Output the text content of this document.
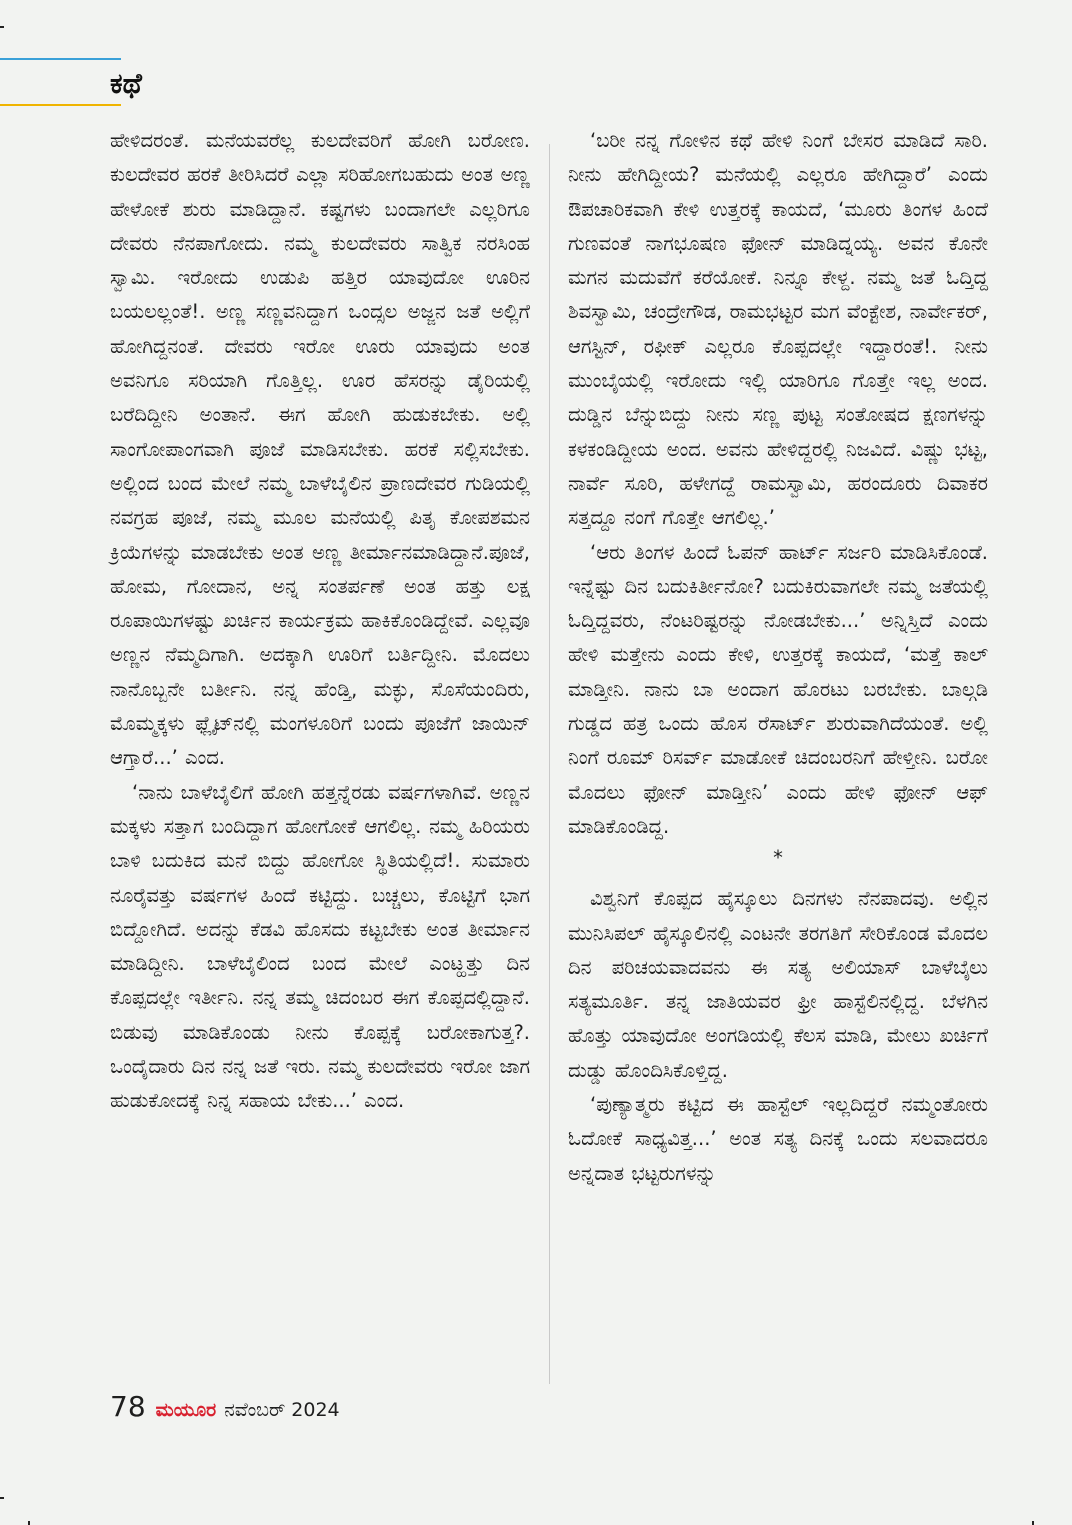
ಕಥೆ

ಹೇಳಿದರಂತೆ. ಮನೆಯವರೆಲ್ಲ ಕುಲದೇವರಿಗೆ ಹೋಗಿ ಬರೋಣ. ಕುಲದೇವರ ಹರಕೆ ತೀರಿಸಿದರೆ ಎಲ್ಲಾ ಸರಿಹೋಗಬಹುದು ಅಂತ ಅಣ್ಣ ಹೇಳೋಕೆ ಶುರು ಮಾಡಿದ್ದಾನೆ. ಕಷ್ಟಗಳು ಬಂದಾಗಲೇ ಎಲ್ಲರಿಗೂ ದೇವರು ನೆನಪಾಗೋದು. ನಮ್ಮ ಕುಲದೇವರು ಸಾತ್ವಿಕ ನರಸಿಂಹ ಸ್ವಾಮಿ. ಇರೋದು ಉಡುಪಿ ಹತ್ತಿರ ಯಾವುದೋ ಊರಿನ ಬಯಲಲ್ಲಂತೆ!. ಅಣ್ಣ ಸಣ್ಣವನಿದ್ದಾಗ ಒಂದ್ಸಲ ಅಜ್ಜನ ಜತೆ ಅಲ್ಲಿಗೆ ಹೋಗಿದ್ದನಂತೆ. ದೇವರು ಇರೋ ಊರು ಯಾವುದು ಅಂತ ಅವನಿಗೂ ಸರಿಯಾಗಿ ಗೊತ್ತಿಲ್ಲ. ಊರ ಹೆಸರನ್ನು ಡೈರಿಯಲ್ಲಿ ಬರೆದಿದ್ದೀನಿ ಅಂತಾನೆ. ಈಗ ಹೋಗಿ ಹುಡುಕಬೇಕು. ಅಲ್ಲಿ ಸಾಂಗೋಪಾಂಗವಾಗಿ ಪೂಜೆ ಮಾಡಿಸಬೇಕು. ಹರಕೆ ಸಲ್ಲಿಸಬೇಕು. ಅಲ್ಲಿಂದ ಬಂದ ಮೇಲೆ ನಮ್ಮ ಬಾಳೆಬೈಲಿನ ಪ್ರಾಣದೇವರ ಗುಡಿಯಲ್ಲಿ ನವಗ್ರಹ ಪೂಜೆ, ನಮ್ಮ ಮೂಲ ಮನೆಯಲ್ಲಿ ಪಿತೃ ಕೋಪಶಮನ ಕ್ರಿಯೆಗಳನ್ನು ಮಾಡಬೇಕು ಅಂತ ಅಣ್ಣ ತೀರ್ಮಾನಮಾಡಿದ್ದಾನೆ.ಪೂಜೆ, ಹೋಮ, ಗೋದಾನ, ಅನ್ನ ಸಂತರ್ಪಣೆ ಅಂತ ಹತ್ತು ಲಕ್ಷ ರೂಪಾಯಿಗಳಷ್ಟು ಖರ್ಚಿನ ಕಾರ್ಯಕ್ರಮ ಹಾಕಿಕೊಂಡಿದ್ದೇವೆ. ಎಲ್ಲವೂ ಅಣ್ಣನ ನೆಮ್ಮದಿಗಾಗಿ. ಅದಕ್ಕಾಗಿ ಊರಿಗೆ ಬರ್ತಿದ್ದೀನಿ. ಮೊದಲು ನಾನೊಬ್ಬನೇ ಬರ್ತೀನಿ. ನನ್ನ ಹೆಂಡ್ತಿ, ಮಕ್ಳು, ಸೊಸೆಯಂದಿರು, ಮೊಮ್ಮಕ್ಕಳು ಫ್ಲೈಟ್‌ನಲ್ಲಿ ಮಂಗಳೂರಿಗೆ ಬಂದು ಪೂಜೆಗೆ ಜಾಯಿನ್ ಆಗ್ತಾರೆ...’ ಎಂದ.

‘ನಾನು ಬಾಳೆಬೈಲಿಗೆ ಹೋಗಿ ಹತ್ತನ್ನೆರಡು ವರ್ಷಗಳಾಗಿವೆ. ಅಣ್ಣನ ಮಕ್ಕಳು ಸತ್ತಾಗ ಬಂದಿದ್ದಾಗ ಹೋಗೋಕೆ ಆಗಲಿಲ್ಲ. ನಮ್ಮ ಹಿರಿಯರು ಬಾಳಿ ಬದುಕಿದ ಮನೆ ಬಿದ್ದು ಹೋಗೋ ಸ್ಥಿತಿಯಲ್ಲಿದೆ!. ಸುಮಾರು ನೂರೈವತ್ತು ವರ್ಷಗಳ ಹಿಂದೆ ಕಟ್ಟಿದ್ದು. ಬಚ್ಚಲು, ಕೊಟ್ಟಿಗೆ ಭಾಗ ಬಿದ್ದೋಗಿದೆ. ಅದನ್ನು ಕೆಡವಿ ಹೊಸದು ಕಟ್ಟಬೇಕು ಅಂತ ತೀರ್ಮಾನ ಮಾಡಿದ್ದೀನಿ. ಬಾಳೆಬೈಲಿಂದ ಬಂದ ಮೇಲೆ ಎಂಟ್ಹತ್ತು ದಿನ ಕೊಪ್ಪದಲ್ಲೇ ಇರ್ತೀನಿ. ನನ್ನ ತಮ್ಮ ಚಿದಂಬರ ಈಗ ಕೊಪ್ಪದಲ್ಲಿದ್ದಾನೆ. ಬಿಡುವು ಮಾಡಿಕೊಂಡು ನೀನು ಕೊಪ್ಪಕ್ಕೆ ಬರೋಕಾಗುತ್ತ?. ಒಂದೈದಾರು ದಿನ ನನ್ನ ಜತೆ ಇರು. ನಮ್ಮ ಕುಲದೇವರು ಇರೋ ಜಾಗ ಹುಡುಕೋದಕ್ಕೆ ನಿನ್ನ ಸಹಾಯ ಬೇಕು...’ ಎಂದ.

‘ಬರೀ ನನ್ನ ಗೋಳಿನ ಕಥೆ ಹೇಳಿ ನಿಂಗೆ ಬೇಸರ ಮಾಡಿದೆ ಸಾರಿ. ನೀನು ಹೇಗಿದ್ದೀಯ? ಮನೆಯಲ್ಲಿ ಎಲ್ಲರೂ ಹೇಗಿದ್ದಾರೆ’ ಎಂದು ಔಪಚಾರಿಕವಾಗಿ ಕೇಳಿ ಉತ್ತರಕ್ಕೆ ಕಾಯದೆ, ‘ಮೂರು ತಿಂಗಳ ಹಿಂದೆ ಗುಣವಂತೆ ನಾಗಭೂಷಣ ಫೋನ್ ಮಾಡಿದ್ನಯ್ಯ. ಅವನ ಕೊನೇ ಮಗನ ಮದುವೆಗೆ ಕರೆಯೋಕೆ. ನಿನ್ನೂ ಕೇಳ್ದ. ನಮ್ಮ ಜತೆ ಓದ್ತಿದ್ದ ಶಿವಸ್ವಾಮಿ, ಚಂದ್ರೇಗೌಡ, ರಾಮಭಟ್ಟರ ಮಗ ವೆಂಕ್ಟೇಶ, ನಾರ್ವೇಕರ್, ಆಗಸ್ಟಿನ್, ರಫೀಕ್ ಎಲ್ಲರೂ ಕೊಪ್ಪದಲ್ಲೇ ಇದ್ದಾರಂತೆ!. ನೀನು ಮುಂಬೈಯಲ್ಲಿ ಇರೋದು ಇಲ್ಲಿ ಯಾರಿಗೂ ಗೊತ್ತೇ ಇಲ್ಲ ಅಂದ. ದುಡ್ಡಿನ ಬೆನ್ನುಬಿದ್ದು ನೀನು ಸಣ್ಣ ಪುಟ್ಟ ಸಂತೋಷದ ಕ್ಷಣಗಳನ್ನು ಕಳಕಂಡಿದ್ದೀಯ ಅಂದ. ಅವನು ಹೇಳಿದ್ದರಲ್ಲಿ ನಿಜವಿದೆ. ವಿಷ್ಣು ಭಟ್ಟ, ನಾರ್ವೆ ಸೂರಿ, ಹಳೇಗದ್ದೆ ರಾಮಸ್ವಾಮಿ, ಹರಂದೂರು ದಿವಾಕರ ಸತ್ತದ್ದೂ ನಂಗೆ ಗೊತ್ತೇ ಆಗಲಿಲ್ಲ.’

‘ಆರು ತಿಂಗಳ ಹಿಂದೆ ಓಪನ್ ಹಾರ್ಟ್ ಸರ್ಜರಿ ಮಾಡಿಸಿಕೊಂಡೆ. ಇನ್ನೆಷ್ಟು ದಿನ ಬದುಕಿರ್ತೀನೋ? ಬದುಕಿರುವಾಗಲೇ ನಮ್ಮ ಜತೆಯಲ್ಲಿ ಓದ್ತಿದ್ದವರು, ನೆಂಟರಿಷ್ಟರನ್ನು ನೋಡಬೇಕು...’ ಅನ್ನಿಸ್ತಿದೆ ಎಂದು ಹೇಳಿ ಮತ್ತೇನು ಎಂದು ಕೇಳಿ, ಉತ್ತರಕ್ಕೆ ಕಾಯದೆ, ‘ಮತ್ತೆ ಕಾಲ್ ಮಾಡ್ತೀನಿ. ನಾನು ಬಾ ಅಂದಾಗ ಹೊರಟು ಬರಬೇಕು. ಬಾಲ್ಗಡಿ ಗುಡ್ಡದ ಹತ್ರ ಒಂದು ಹೊಸ ರೆಸಾರ್ಟ್ ಶುರುವಾಗಿದೆಯಂತೆ. ಅಲ್ಲಿ ನಿಂಗೆ ರೂಮ್ ರಿಸರ್ವ್ ಮಾಡೋಕೆ ಚಿದಂಬರನಿಗೆ ಹೇಳ್ತೀನಿ. ಬರೋ ಮೊದಲು ಫೋನ್ ಮಾಡ್ತೀನಿ’ ಎಂದು ಹೇಳಿ ಫೋನ್ ಆಫ್ ಮಾಡಿಕೊಂಡಿದ್ದ.

*

ವಿಶ್ವನಿಗೆ ಕೊಪ್ಪದ ಹೈಸ್ಕೂಲು ದಿನಗಳು ನೆನಪಾದವು. ಅಲ್ಲಿನ ಮುನಿಸಿಪಲ್ ಹೈಸ್ಕೂಲಿನಲ್ಲಿ ಎಂಟನೇ ತರಗತಿಗೆ ಸೇರಿಕೊಂಡ ಮೊದಲ ದಿನ ಪರಿಚಯವಾದವನು ಈ ಸತ್ಯ ಅಲಿಯಾಸ್ ಬಾಳೆಬೈಲು ಸತ್ಯಮೂರ್ತಿ. ತನ್ನ ಜಾತಿಯವರ ಫ್ರೀ ಹಾಸ್ಟೆಲಿನಲ್ಲಿದ್ದ. ಬೆಳಗಿನ ಹೊತ್ತು ಯಾವುದೋ ಅಂಗಡಿಯಲ್ಲಿ ಕೆಲಸ ಮಾಡಿ, ಮೇಲು ಖರ್ಚಿಗೆ ದುಡ್ಡು ಹೊಂದಿಸಿಕೊಳ್ತಿದ್ದ.

‘ಪುಣ್ಯಾತ್ಮರು ಕಟ್ಟಿದ ಈ ಹಾಸ್ಟೆಲ್ ಇಲ್ಲದಿದ್ದರೆ ನಮ್ಮಂತೋರು ಓದೋಕೆ ಸಾಧ್ಯವಿತ್ತ...’ ಅಂತ ಸತ್ಯ ದಿನಕ್ಕೆ ಒಂದು ಸಲವಾದರೂ ಅನ್ನದಾತ ಭಟ್ಟರುಗಳನ್ನು

78 ಮಯೂರ ನವೆಂಬರ್ 2024
